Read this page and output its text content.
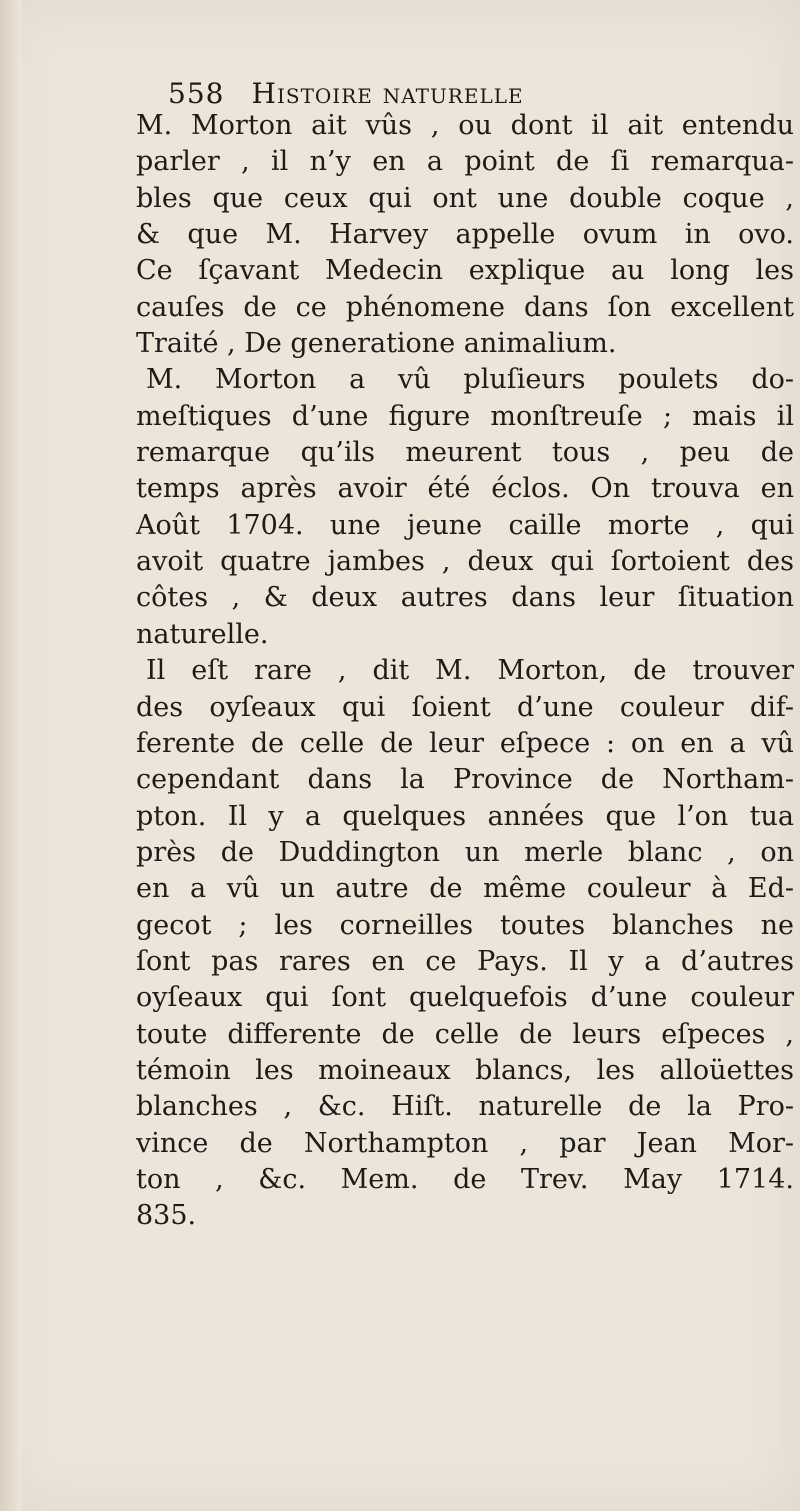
558 Histoire naturelle
M. Morton ait vûs , ou dont il ait entendu
parler , il n’y en a point de ſi remarqua-
bles que ceux qui ont une double coque ,
& que M. Harvey appelle ovum in ovo.
Ce ſçavant Medecin explique au long les
cauſes de ce phénomene dans ſon excellent
Traité , De generatione animalium.
M. Morton a vû pluſieurs poulets do-
meſtiques d’une figure monſtreuſe ; mais il
remarque qu’ils meurent tous , peu de
temps après avoir été éclos. On trouva en
Août 1704. une jeune caille morte , qui
avoit quatre jambes , deux qui ſortoient des
côtes , & deux autres dans leur ſituation
naturelle.
Il eſt rare , dit M. Morton, de trouver
des oyſeaux qui ſoient d’une couleur dif-
ferente de celle de leur eſpece : on en a vû
cependant dans la Province de Northam-
pton. Il y a quelques années que l’on tua
près de Duddington un merle blanc , on
en a vû un autre de même couleur à Ed-
gecot ; les corneilles toutes blanches ne
ſont pas rares en ce Pays. Il y a d’autres
oyſeaux qui ſont quelquefois d’une couleur
toute differente de celle de leurs eſpeces ,
témoin les moineaux blancs, les alloüettes
blanches , &c. Hiſt. naturelle de la Pro-
vince de Northampton , par Jean Mor-
ton , &c. Mem. de Trev. May 1714.
835.
